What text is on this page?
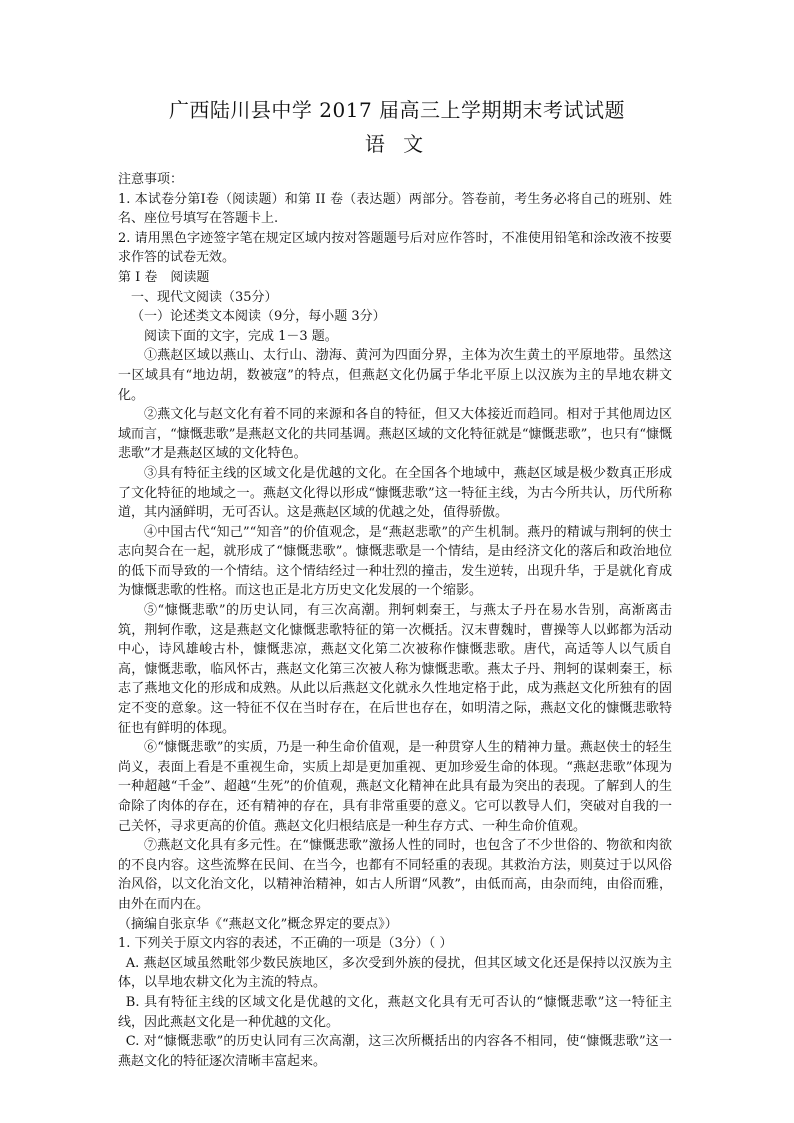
广西陆川县中学 2017 届高三上学期期末考试试题
语 文

注意事项：

1. 本试卷分第Ⅰ卷（阅读题）和第 II 卷（表达题）两部分。答卷前，考生务必将自己的班别、姓名、座位号填写在答题卡上.

2. 请用黑色字迹签字笔在规定区域内按对答题题号后对应作答时，不准使用铅笔和涂改液不按要求作答的试卷无效。

第 I 卷　阅读题

一、现代文阅读（35分）

（一）论述类文本阅读（9分，每小题 3分）

阅读下面的文字，完成 1－3 题。

①燕赵区域以燕山、太行山、渤海、黄河为四面分界，主体为次生黄土的平原地带。虽然这一区域具有“地边胡，数被寇”的特点，但燕赵文化仍属于华北平原上以汉族为主的旱地农耕文化。

②燕文化与赵文化有着不同的来源和各自的特征，但又大体接近而趋同。相对于其他周边区域而言，“慷慨悲歌”是燕赵文化的共同基调。燕赵区域的文化特征就是“慷慨悲歌”，也只有“慷慨悲歌”才是燕赵区域的文化特色。

③具有特征主线的区域文化是优越的文化。在全国各个地域中，燕赵区域是极少数真正形成了文化特征的地域之一。燕赵文化得以形成“慷慨悲歌”这一特征主线，为古今所共认，历代所称道，其内涵鲜明，无可否认。这是燕赵区域的优越之处，值得骄傲。

④中国古代“知己”“知音”的价值观念，是“燕赵悲歌”的产生机制。燕丹的精诚与荆轲的侠士志向契合在一起，就形成了“慷慨悲歌”。慷慨悲歌是一个情结，是由经济文化的落后和政治地位的低下而导致的一个情结。这个情结经过一种壮烈的撞击，发生逆转，出现升华，于是就化育成为慷慨悲歌的性格。而这也正是北方历史文化发展的一个缩影。

⑤“慷慨悲歌”的历史认同，有三次高潮。荆轲刺秦王，与燕太子丹在易水告别，高渐离击筑，荆轲作歌，这是燕赵文化慷慨悲歌特征的第一次概括。汉末曹魏时，曹操等人以邺都为活动中心，诗风雄峻古朴，慷慨悲凉，燕赵文化第二次被称作慷慨悲歌。唐代，高适等人以气质自高，慷慨悲歌，临风怀古，燕赵文化第三次被人称为慷慨悲歌。燕太子丹、荆轲的谋刺秦王，标志了燕地文化的形成和成熟。从此以后燕赵文化就永久性地定格于此，成为燕赵文化所独有的固定不变的意象。这一特征不仅在当时存在，在后世也存在，如明清之际，燕赵文化的慷慨悲歌特征也有鲜明的体现。

⑥“慷慨悲歌”的实质，乃是一种生命价值观，是一种贯穿人生的精神力量。燕赵侠士的轻生尚义，表面上看是不重视生命，实质上却是更加重视、更加珍爱生命的体现。“燕赵悲歌”体现为一种超越“千金”、超越“生死”的价值观，燕赵文化精神在此具有最为突出的表现。了解到人的生命除了肉体的存在，还有精神的存在，具有非常重要的意义。它可以教导人们，突破对自我的一己关怀，寻求更高的价值。燕赵文化归根结底是一种生存方式、一种生命价值观。

⑦燕赵文化具有多元性。在“慷慨悲歌”激扬人性的同时，也包含了不少世俗的、物欲和肉欲的不良内容。这些流弊在民间、在当今，也都有不同轻重的表现。其救治方法，则莫过于以风俗治风俗，以文化治文化，以精神治精神，如古人所谓“风教”，由低而高，由杂而纯，由俗而雅，由外在而内在。

（摘编自张京华《“燕赵文化”概念界定的要点》）

1. 下列关于原文内容的表述，不正确的一项是（3分）（ ）

A. 燕赵区域虽然毗邻少数民族地区，多次受到外族的侵扰，但其区域文化还是保持以汉族为主体，以旱地农耕文化为主流的特点。

B. 具有特征主线的区域文化是优越的文化，燕赵文化具有无可否认的“慷慨悲歌”这一特征主线，因此燕赵文化是一种优越的文化。

C. 对“慷慨悲歌”的历史认同有三次高潮，这三次所概括出的内容各不相同，使“慷慨悲歌”这一燕赵文化的特征逐次清晰丰富起来。
